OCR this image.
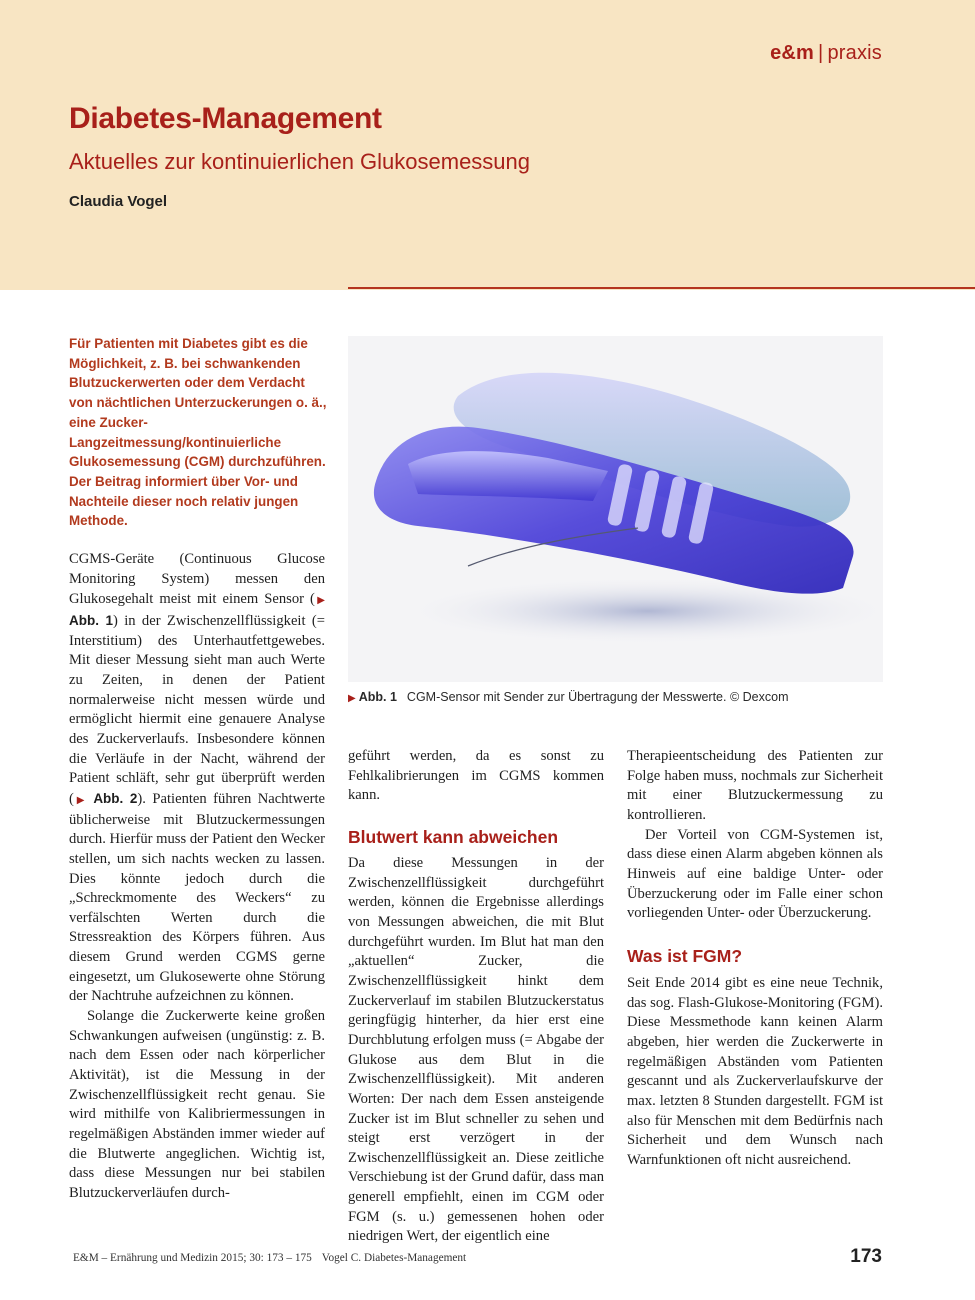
e&m | praxis
Diabetes-Management
Aktuelles zur kontinuierlichen Glukosemessung

Claudia Vogel

Für Patienten mit Diabetes gibt es die Möglichkeit, z. B. bei schwankenden Blutzuckerwerten oder dem Verdacht von nächtlichen Unterzuckerungen o. ä., eine Zucker-Langzeitmessung/kontinuierliche Glukosemessung (CGM) durchzuführen. Der Beitrag informiert über Vor- und Nachteile dieser noch relativ jungen Methode.

▶ Abb. 1 CGM-Sensor mit Sender zur Übertragung der Messwerte. © Dexcom

CGMS-Geräte (Continuous Glucose Monitoring System) messen den Glukosegehalt meist mit einem Sensor (▶ Abb. 1) in der Zwischenzellflüssigkeit (= Interstitium) des Unterhautfettgewebes. Mit dieser Messung sieht man auch Werte zu Zeiten, in denen der Patient normalerweise nicht messen würde und ermöglicht hiermit eine genauere Analyse des Zuckerverlaufs. Insbesondere können die Verläufe in der Nacht, während der Patient schläft, sehr gut überprüft werden (▶ Abb. 2). Patienten führen Nachtwerte üblicherweise mit Blutzuckermessungen durch. Hierfür muss der Patient den Wecker stellen, um sich nachts wecken zu lassen. Dies könnte jedoch durch die „Schreckmomente des Weckers“ zu verfälschten Werten durch die Stressreaktion des Körpers führen. Aus diesem Grund werden CGMS gerne eingesetzt, um Glukosewerte ohne Störung der Nachtruhe aufzeichnen zu können.

Solange die Zuckerwerte keine großen Schwankungen aufweisen (ungünstig: z. B. nach dem Essen oder nach körperlicher Aktivität), ist die Messung in der Zwischenzellflüssigkeit recht genau. Sie wird mithilfe von Kalibriermessungen in regelmäßigen Abständen immer wieder auf die Blutwerte angeglichen. Wichtig ist, dass diese Messungen nur bei stabilen Blutzuckerverläufen durch-

geführt werden, da es sonst zu Fehlkalibrierungen im CGMS kommen kann.

Blutwert kann abweichen

Da diese Messungen in der Zwischenzellflüssigkeit durchgeführt werden, können die Ergebnisse allerdings von Messungen abweichen, die mit Blut durchgeführt wurden. Im Blut hat man den „aktuellen“ Zucker, die Zwischenzellflüssigkeit hinkt dem Zuckerverlauf im stabilen Blutzuckerstatus geringfügig hinterher, da hier erst eine Durchblutung erfolgen muss (= Abgabe der Glukose aus dem Blut in die Zwischenzellflüssigkeit). Mit anderen Worten: Der nach dem Essen ansteigende Zucker ist im Blut schneller zu sehen und steigt erst verzögert in der Zwischenzellflüssigkeit an. Diese zeitliche Verschiebung ist der Grund dafür, dass man generell empfiehlt, einen im CGM oder FGM (s. u.) gemessenen hohen oder niedrigen Wert, der eigentlich eine

Therapieentscheidung des Patienten zur Folge haben muss, nochmals zur Sicherheit mit einer Blutzuckermessung zu kontrollieren.

Der Vorteil von CGM-Systemen ist, dass diese einen Alarm abgeben können als Hinweis auf eine baldige Unter- oder Überzuckerung oder im Falle einer schon vorliegenden Unter- oder Überzuckerung.

Was ist FGM?

Seit Ende 2014 gibt es eine neue Technik, das sog. Flash-Glukose-Monitoring (FGM). Diese Messmethode kann keinen Alarm abgeben, hier werden die Zuckerwerte in regelmäßigen Abständen vom Patienten gescannt und als Zuckerverlaufskurve der max. letzten 8 Stunden dargestellt. FGM ist also für Menschen mit dem Bedürfnis nach Sicherheit und dem Wunsch nach Warnfunktionen oft nicht ausreichend.

E&M – Ernährung und Medizin 2015; 30: 173 – 175 Vogel C. Diabetes-Management	173
